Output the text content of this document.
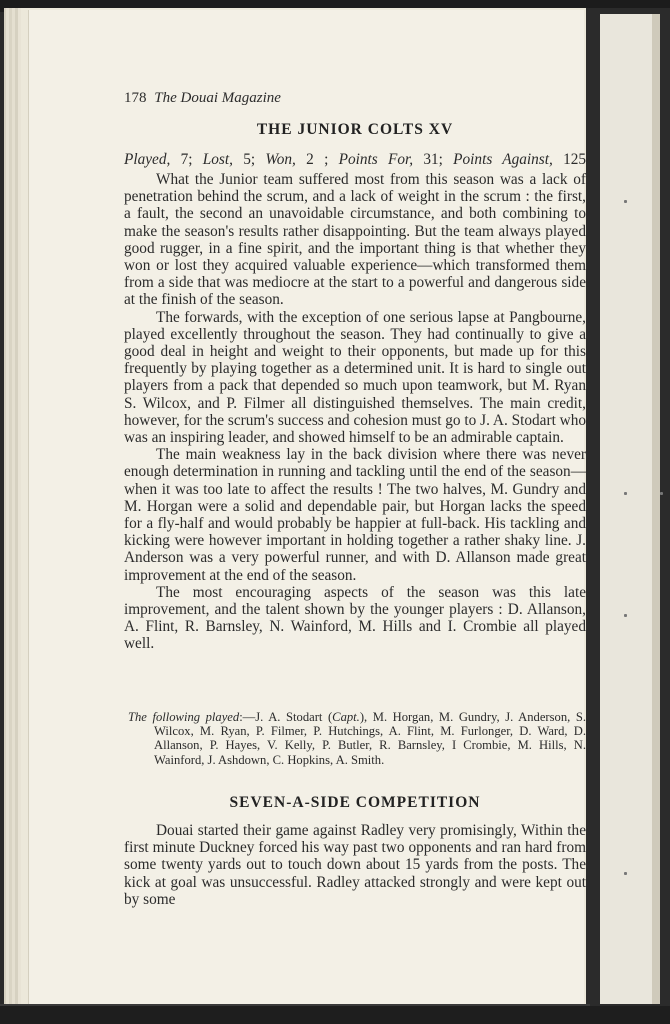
178 The Douai Magazine
THE JUNIOR COLTS XV
Played, 7; Lost, 5; Won, 2 ; Points For, 31; Points Against, 125

What the Junior team suffered most from this season was a lack of penetration behind the scrum, and a lack of weight in the scrum : the first, a fault, the second an unavoidable circumstance, and both combining to make the season's results rather disappointing. But the team always played good rugger, in a fine spirit, and the important thing is that whether they won or lost they acquired valuable experience—which transformed them from a side that was mediocre at the start to a powerful and dangerous side at the finish of the season.

The forwards, with the exception of one serious lapse at Pangbourne, played excellently throughout the season. They had continually to give a good deal in height and weight to their opponents, but made up for this frequently by playing together as a determined unit. It is hard to single out players from a pack that depended so much upon teamwork, but M. Ryan S. Wilcox, and P. Filmer all distinguished themselves. The main credit, however, for the scrum's success and cohesion must go to J. A. Stodart who was an inspiring leader, and showed himself to be an admirable captain.

The main weakness lay in the back division where there was never enough determination in running and tackling until the end of the season—when it was too late to affect the results ! The two halves, M. Gundry and M. Horgan were a solid and dependable pair, but Horgan lacks the speed for a fly-half and would probably be happier at full-back. His tackling and kicking were however important in holding together a rather shaky line. J. Anderson was a very powerful runner, and with D. Allanson made great improvement at the end of the season.

The most encouraging aspects of the season was this late improvement, and the talent shown by the younger players : D. Allanson, A. Flint, R. Barnsley, N. Wainford, M. Hills and I. Crombie all played well.

The following played:—J. A. Stodart (Capt.), M. Horgan, M. Gundry, J. Anderson, S. Wilcox, M. Ryan, P. Filmer, P. Hutchings, A. Flint, M. Furlonger, D. Ward, D. Allanson, P. Hayes, V. Kelly, P. Butler, R. Barnsley, I Crombie, M. Hills, N. Wainford, J. Ashdown, C. Hopkins, A. Smith.
SEVEN-A-SIDE COMPETITION

Douai started their game against Radley very promisingly, Within the first minute Duckney forced his way past two opponents and ran hard from some twenty yards out to touch down about 15 yards from the posts. The kick at goal was unsuccessful. Radley attacked strongly and were kept out by some
